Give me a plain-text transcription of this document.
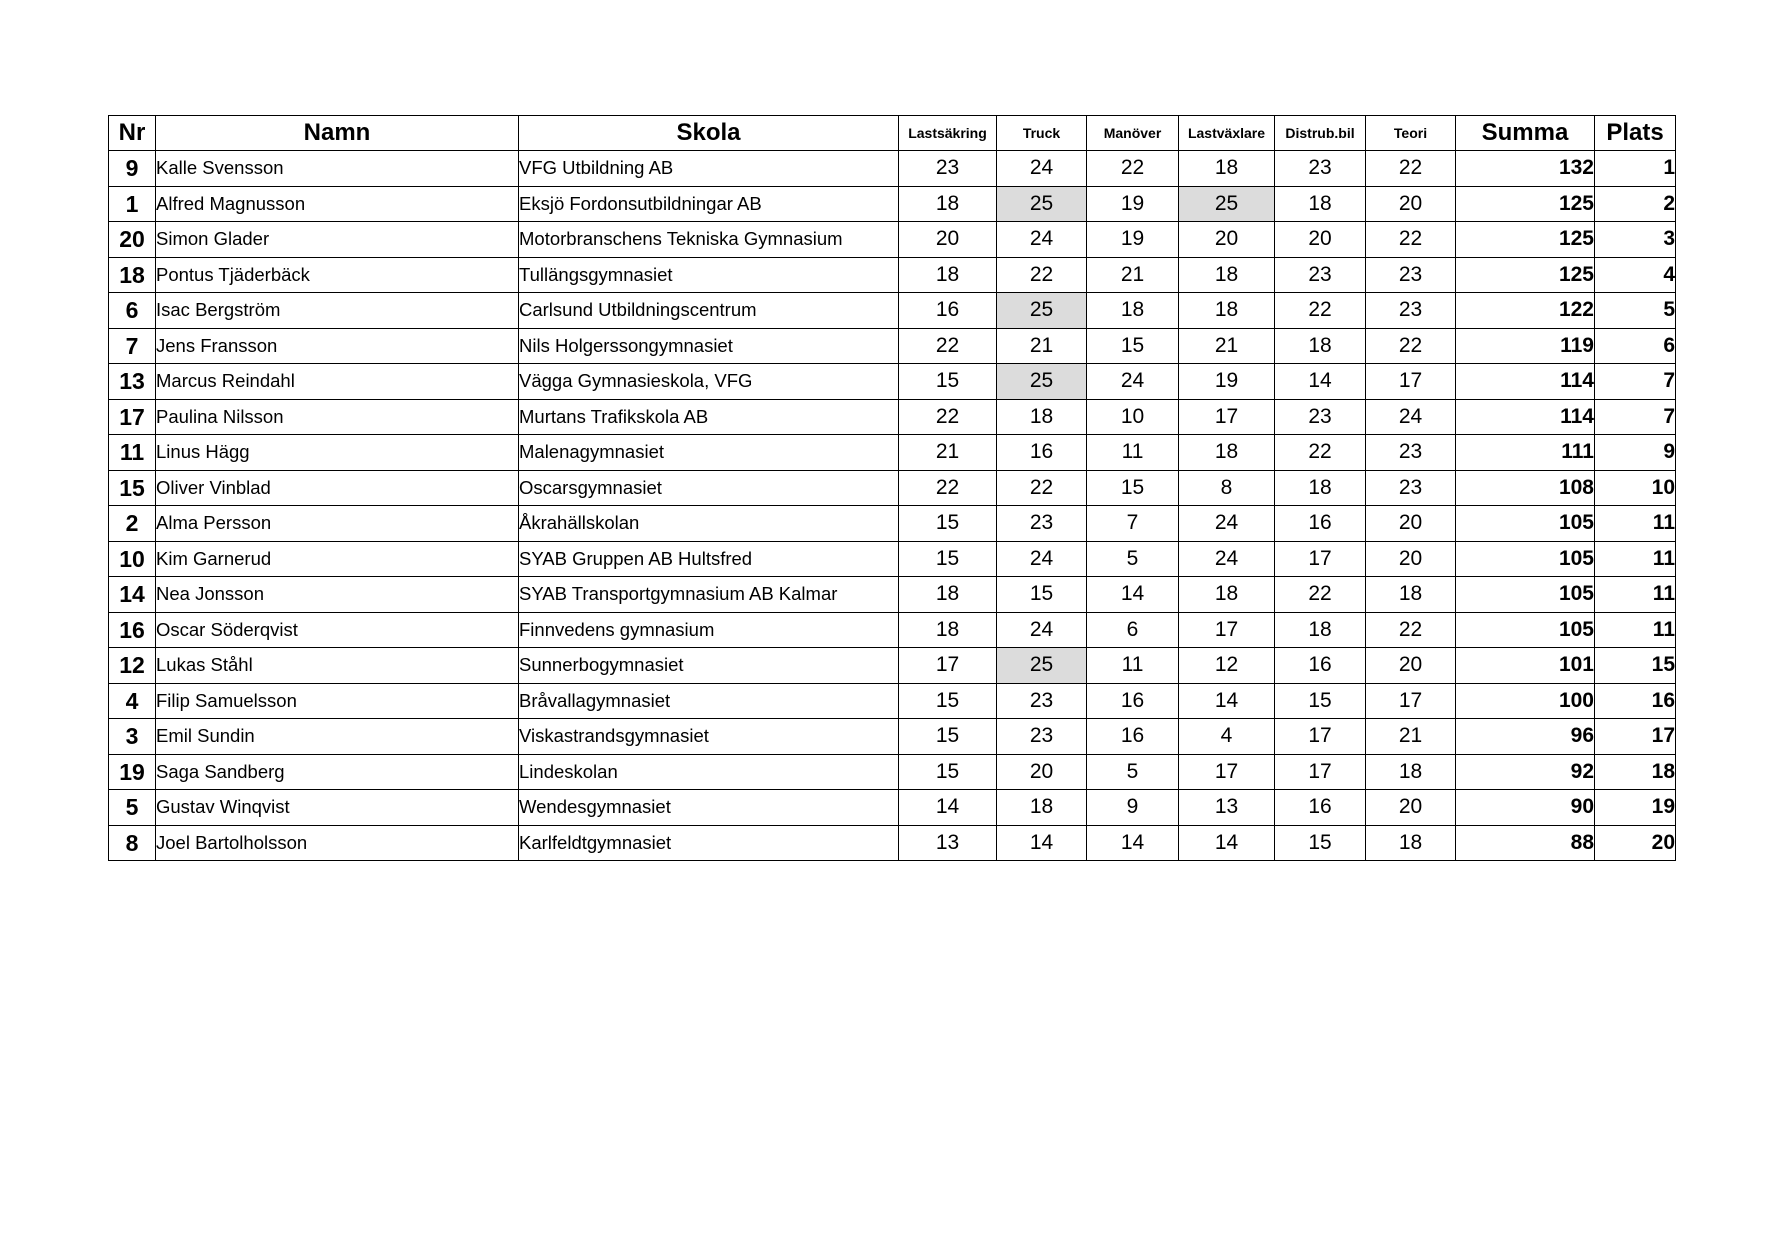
Nr	Namn	Skola	Lastsäkring	Truck	Manöver	Lastväxlare	Distrub.bil	Teori	Summa	Plats
9	Kalle Svensson	VFG Utbildning AB	23	24	22	18	23	22	132	1
1	Alfred Magnusson	Eksjö Fordonsutbildningar AB	18	25	19	25	18	20	125	2
20	Simon Glader	Motorbranschens Tekniska Gymnasium	20	24	19	20	20	22	125	3
18	Pontus Tjäderbäck	Tullängsgymnasiet	18	22	21	18	23	23	125	4
6	Isac Bergström	Carlsund Utbildningscentrum	16	25	18	18	22	23	122	5
7	Jens Fransson	Nils Holgerssongymnasiet	22	21	15	21	18	22	119	6
13	Marcus Reindahl	Vägga Gymnasieskola, VFG	15	25	24	19	14	17	114	7
17	Paulina Nilsson	Murtans Trafikskola AB	22	18	10	17	23	24	114	7
11	Linus Hägg	Malenagymnasiet	21	16	11	18	22	23	111	9
15	Oliver Vinblad	Oscarsgymnasiet	22	22	15	8	18	23	108	10
2	Alma Persson	Åkrahällskolan	15	23	7	24	16	20	105	11
10	Kim Garnerud	SYAB Gruppen AB Hultsfred	15	24	5	24	17	20	105	11
14	Nea Jonsson	SYAB Transportgymnasium AB Kalmar	18	15	14	18	22	18	105	11
16	Oscar Söderqvist	Finnvedens gymnasium	18	24	6	17	18	22	105	11
12	Lukas Ståhl	Sunnerbogymnasiet	17	25	11	12	16	20	101	15
4	Filip Samuelsson	Bråvallagymnasiet	15	23	16	14	15	17	100	16
3	Emil Sundin	Viskastrandsgymnasiet	15	23	16	4	17	21	96	17
19	Saga Sandberg	Lindeskolan	15	20	5	17	17	18	92	18
5	Gustav Winqvist	Wendesgymnasiet	14	18	9	13	16	20	90	19
8	Joel Bartolholsson	Karlfeldtgymnasiet	13	14	14	14	15	18	88	20
